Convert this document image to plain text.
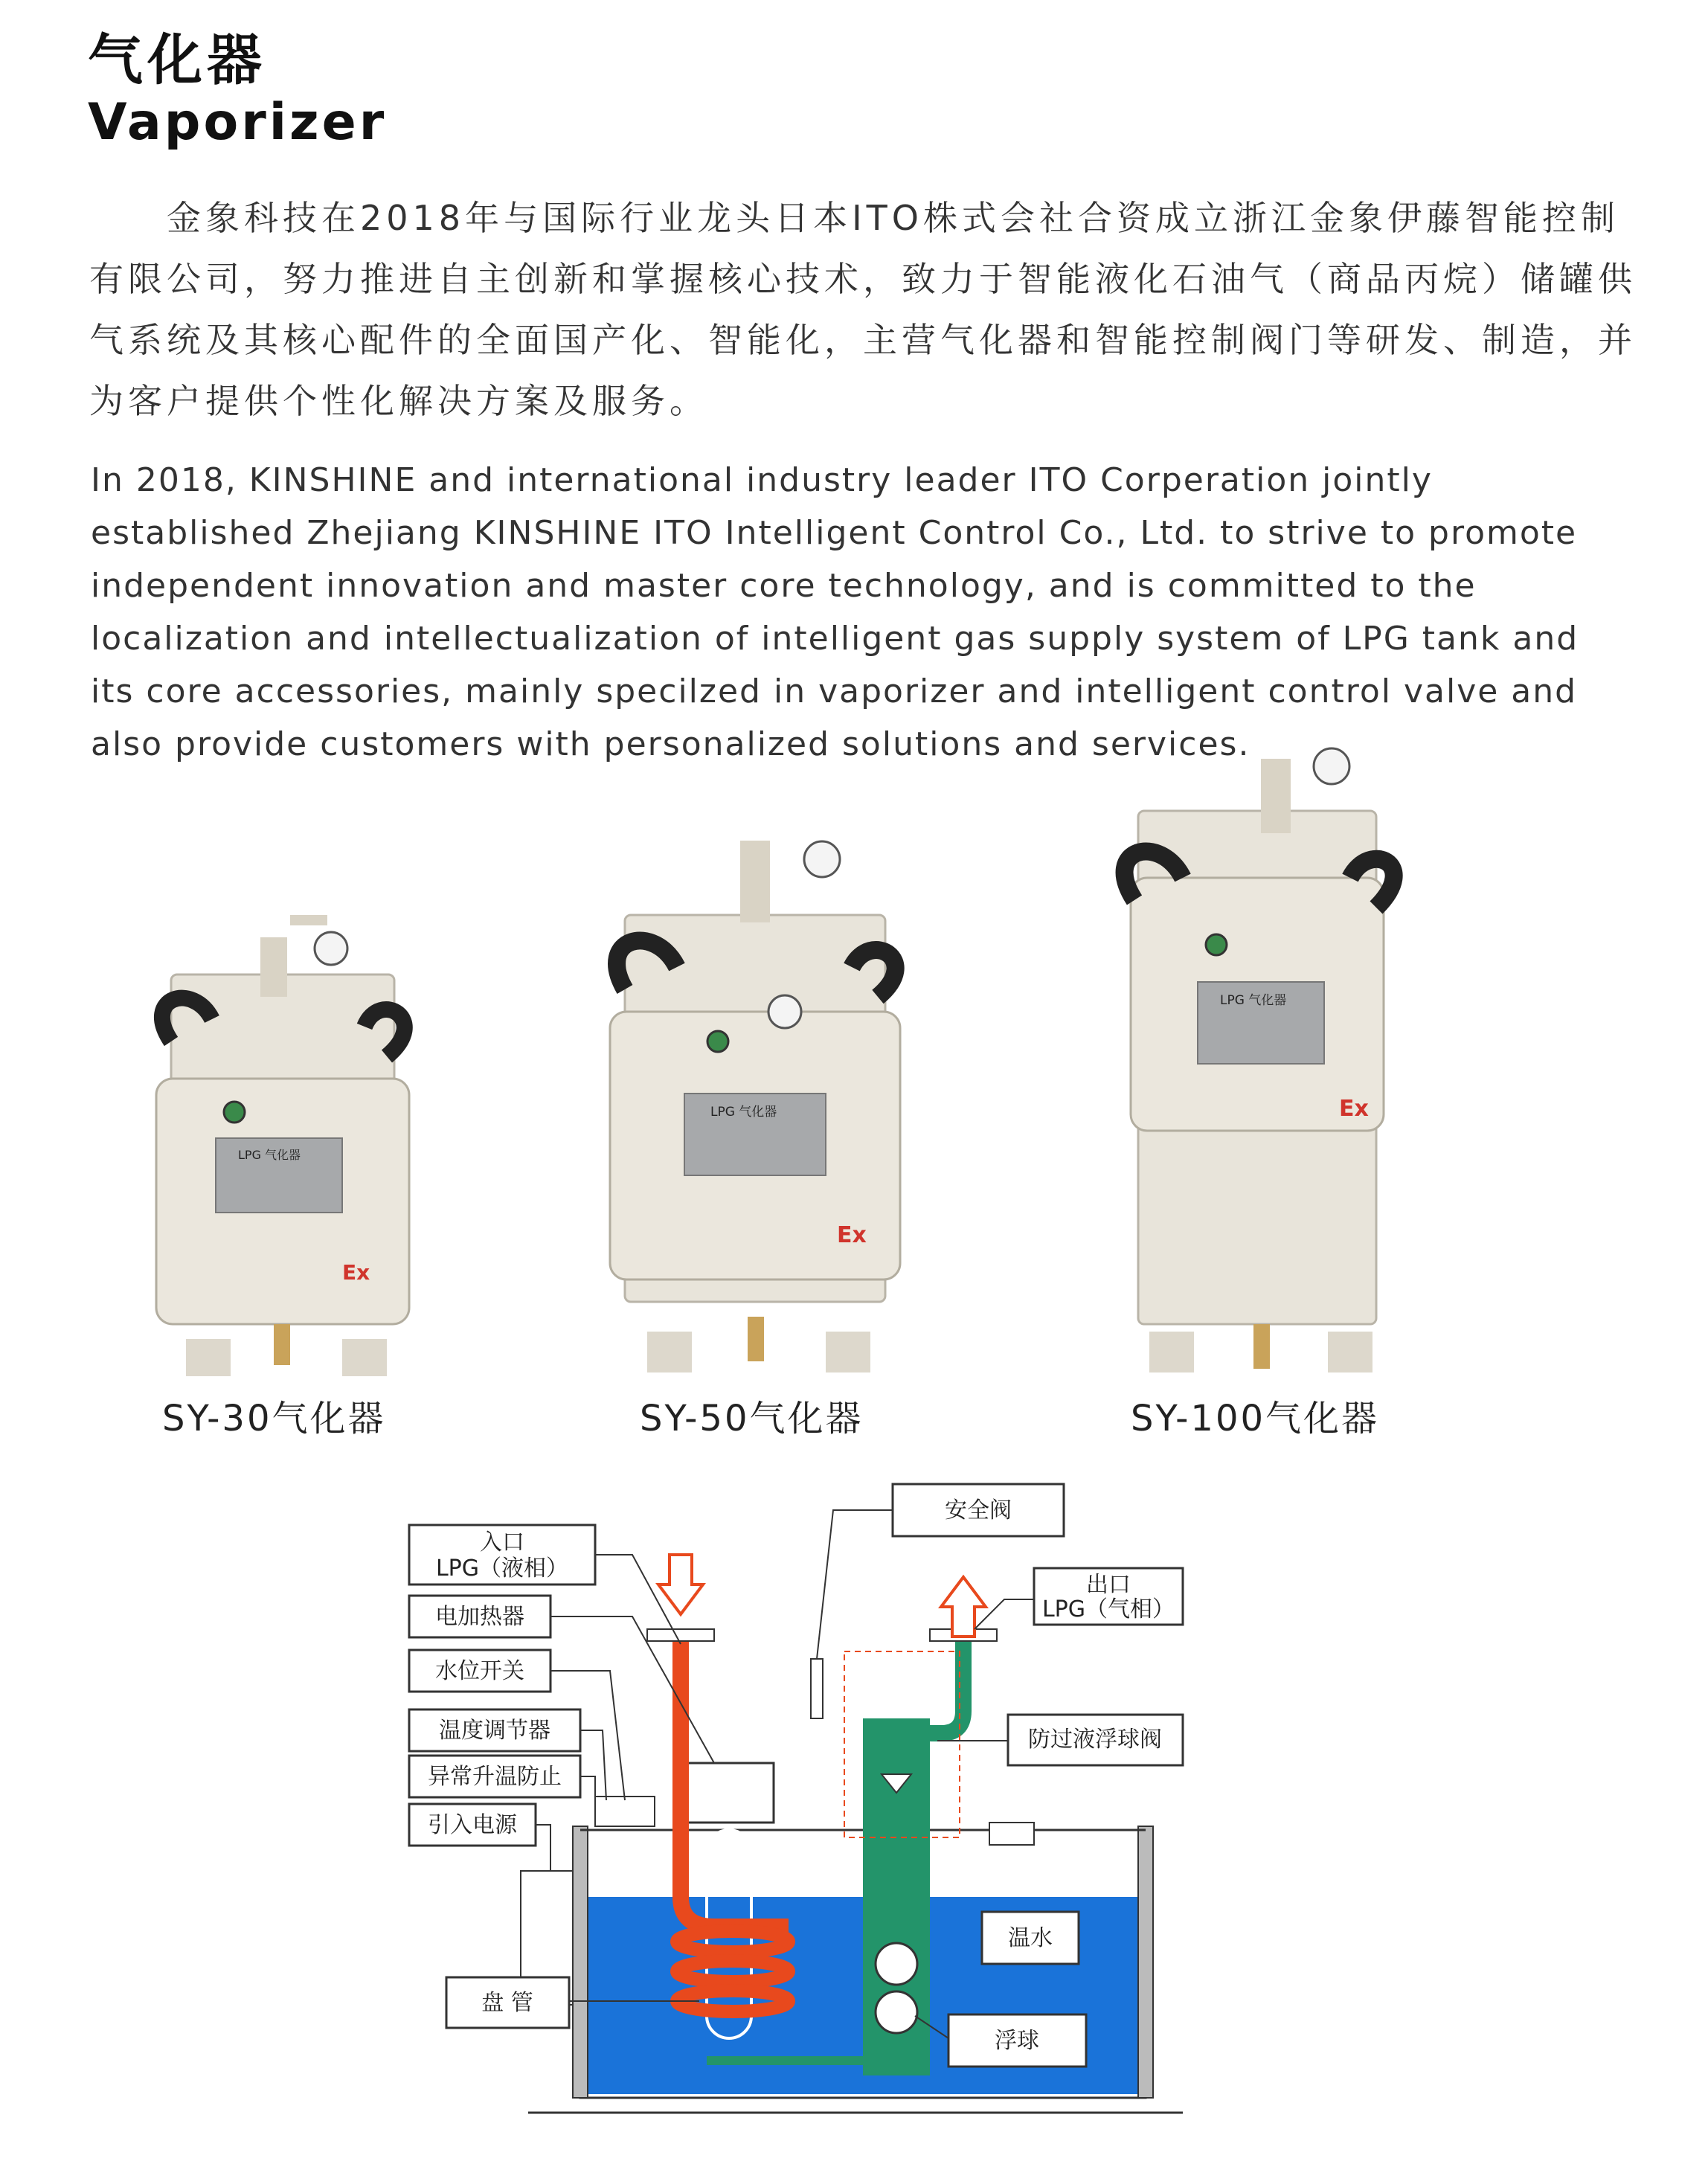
气化器
Vaporizer
金象科技在2018年与国际行业龙头日本ITO株式会社合资成立浙江金象伊藤智能控制有限公司，努力推进自主创新和掌握核心技术，致力于智能液化石油气（商品丙烷）储罐供气系统及其核心配件的全面国产化、智能化，主营气化器和智能控制阀门等研发、制造，并为客户提供个性化解决方案及服务。
In 2018, KINSHINE and international industry leader ITO Corperation jointly established Zhejiang KINSHINE ITO Intelligent Control Co., Ltd. to strive to promote independent innovation and master core technology, and is committed to the localization and intellectualization of intelligent gas supply system of LPG tank and its core accessories, mainly specilzed in vaporizer and intelligent control valve and also provide customers with personalized solutions and services.
LPG 气化器
Ex
LPG 气化器
Ex
LPG 气化器
Ex
SY-30气化器	SY-50气化器	SY-100气化器
入口
LPG（液相）
电加热器
水位开关
温度调节器
异常升温防止
引入电源
盘 管
安全阀
出口
LPG（气相）
防过液浮球阀
温水
浮球
